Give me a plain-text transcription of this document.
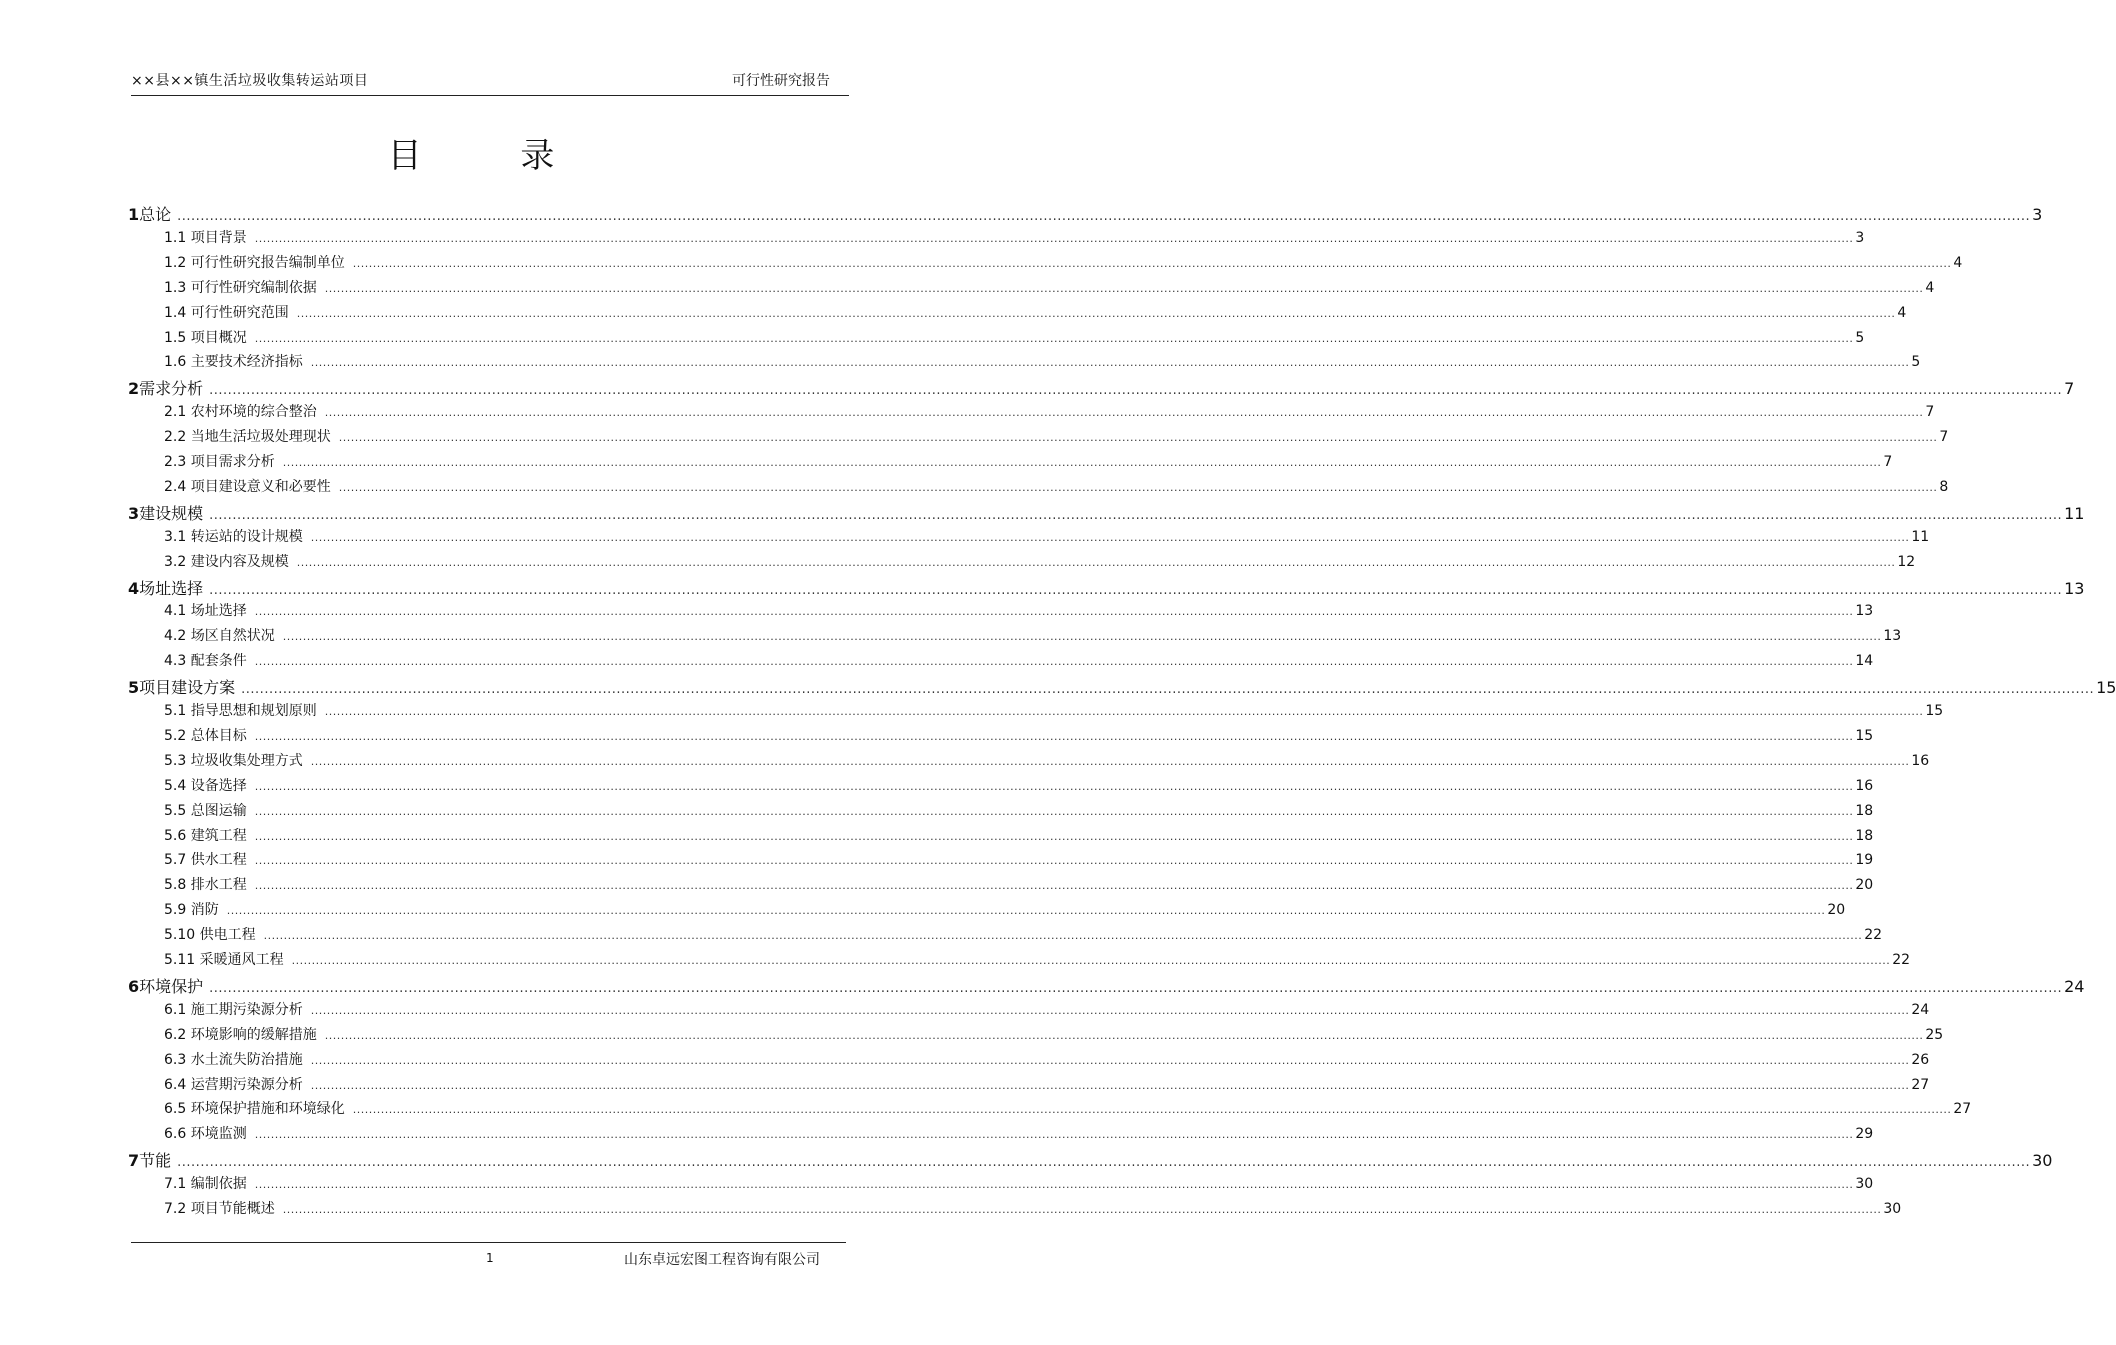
××县××镇生活垃圾收集转运站项目	可行性研究报告
目 录
1 总论 ................................................................................................................................................................................................................................................................................................................................................................................................................ 3
1.1 项目背景 ................................................................................................................................................................................................................................................................................................................................................................................................................ 3
1.2 可行性研究报告编制单位 ................................................................................................................................................................................................................................................................................................................................................................................................................ 4
1.3 可行性研究编制依据 ................................................................................................................................................................................................................................................................................................................................................................................................................ 4
1.4 可行性研究范围 ................................................................................................................................................................................................................................................................................................................................................................................................................ 4
1.5 项目概况 ................................................................................................................................................................................................................................................................................................................................................................................................................ 5
1.6 主要技术经济指标 ................................................................................................................................................................................................................................................................................................................................................................................................................ 5
2 需求分析 ................................................................................................................................................................................................................................................................................................................................................................................................................ 7
2.1 农村环境的综合整治 ................................................................................................................................................................................................................................................................................................................................................................................................................ 7
2.2 当地生活垃圾处理现状 ................................................................................................................................................................................................................................................................................................................................................................................................................ 7
2.3 项目需求分析 ................................................................................................................................................................................................................................................................................................................................................................................................................ 7
2.4 项目建设意义和必要性 ................................................................................................................................................................................................................................................................................................................................................................................................................ 8
3 建设规模 ................................................................................................................................................................................................................................................................................................................................................................................................................ 11
3.1 转运站的设计规模 ................................................................................................................................................................................................................................................................................................................................................................................................................ 11
3.2 建设内容及规模 ................................................................................................................................................................................................................................................................................................................................................................................................................ 12
4 场址选择 ................................................................................................................................................................................................................................................................................................................................................................................................................ 13
4.1 场址选择 ................................................................................................................................................................................................................................................................................................................................................................................................................ 13
4.2 场区自然状况 ................................................................................................................................................................................................................................................................................................................................................................................................................ 13
4.3 配套条件 ................................................................................................................................................................................................................................................................................................................................................................................................................ 14
5 项目建设方案 ................................................................................................................................................................................................................................................................................................................................................................................................................ 15
5.1 指导思想和规划原则 ................................................................................................................................................................................................................................................................................................................................................................................................................ 15
5.2 总体目标 ................................................................................................................................................................................................................................................................................................................................................................................................................ 15
5.3 垃圾收集处理方式 ................................................................................................................................................................................................................................................................................................................................................................................................................ 16
5.4 设备选择 ................................................................................................................................................................................................................................................................................................................................................................................................................ 16
5.5 总图运输 ................................................................................................................................................................................................................................................................................................................................................................................................................ 18
5.6 建筑工程 ................................................................................................................................................................................................................................................................................................................................................................................................................ 18
5.7 供水工程 ................................................................................................................................................................................................................................................................................................................................................................................................................ 19
5.8 排水工程 ................................................................................................................................................................................................................................................................................................................................................................................................................ 20
5.9 消防 ................................................................................................................................................................................................................................................................................................................................................................................................................ 20
5.10 供电工程 ................................................................................................................................................................................................................................................................................................................................................................................................................ 22
5.11 采暖通风工程 ................................................................................................................................................................................................................................................................................................................................................................................................................ 22
6 环境保护 ................................................................................................................................................................................................................................................................................................................................................................................................................ 24
6.1 施工期污染源分析 ................................................................................................................................................................................................................................................................................................................................................................................................................ 24
6.2 环境影响的缓解措施 ................................................................................................................................................................................................................................................................................................................................................................................................................ 25
6.3 水土流失防治措施 ................................................................................................................................................................................................................................................................................................................................................................................................................ 26
6.4 运营期污染源分析 ................................................................................................................................................................................................................................................................................................................................................................................................................ 27
6.5 环境保护措施和环境绿化 ................................................................................................................................................................................................................................................................................................................................................................................................................ 27
6.6 环境监测 ................................................................................................................................................................................................................................................................................................................................................................................................................ 29
7 节能 ................................................................................................................................................................................................................................................................................................................................................................................................................ 30
7.1 编制依据 ................................................................................................................................................................................................................................................................................................................................................................................................................ 30
7.2 项目节能概述 ................................................................................................................................................................................................................................................................................................................................................................................................................ 30
1	山东卓远宏图工程咨询有限公司
